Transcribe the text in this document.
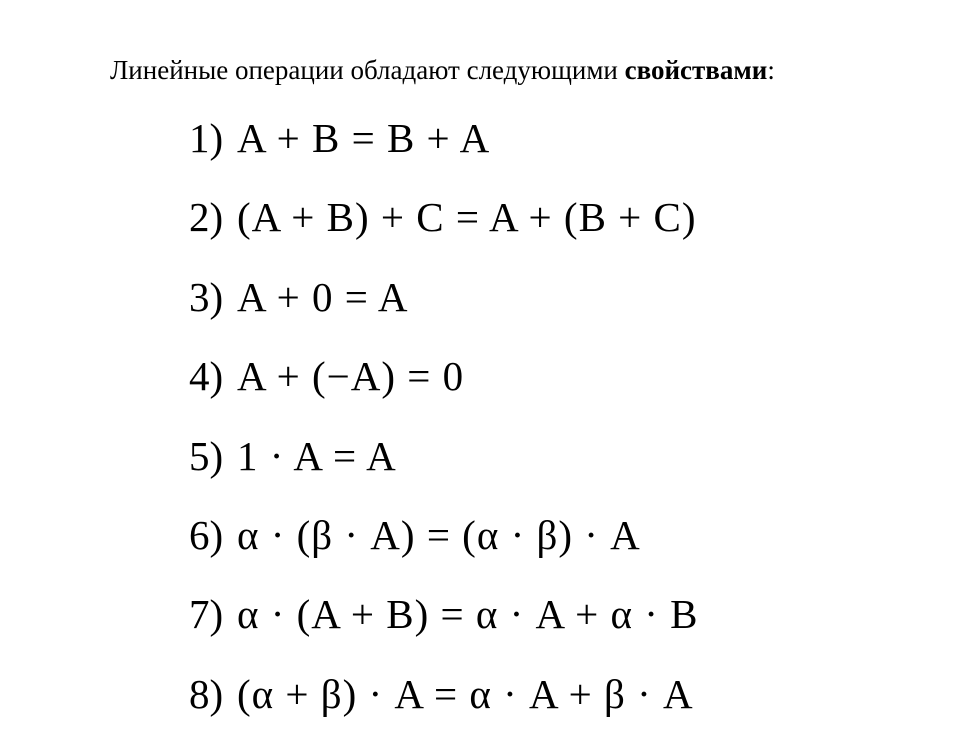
Линейные операции обладают следующими свойствами:
1) A + B = B + A
2) (A + B) + C = A + (B + C)
3) A + 0 = A
4) A + (−A) = 0
5) 1 · A = A
6) α · (β · A) = (α · β) · A
7) α · (A + B) = α · A + α · B
8) (α + β) · A = α · A + β · A
